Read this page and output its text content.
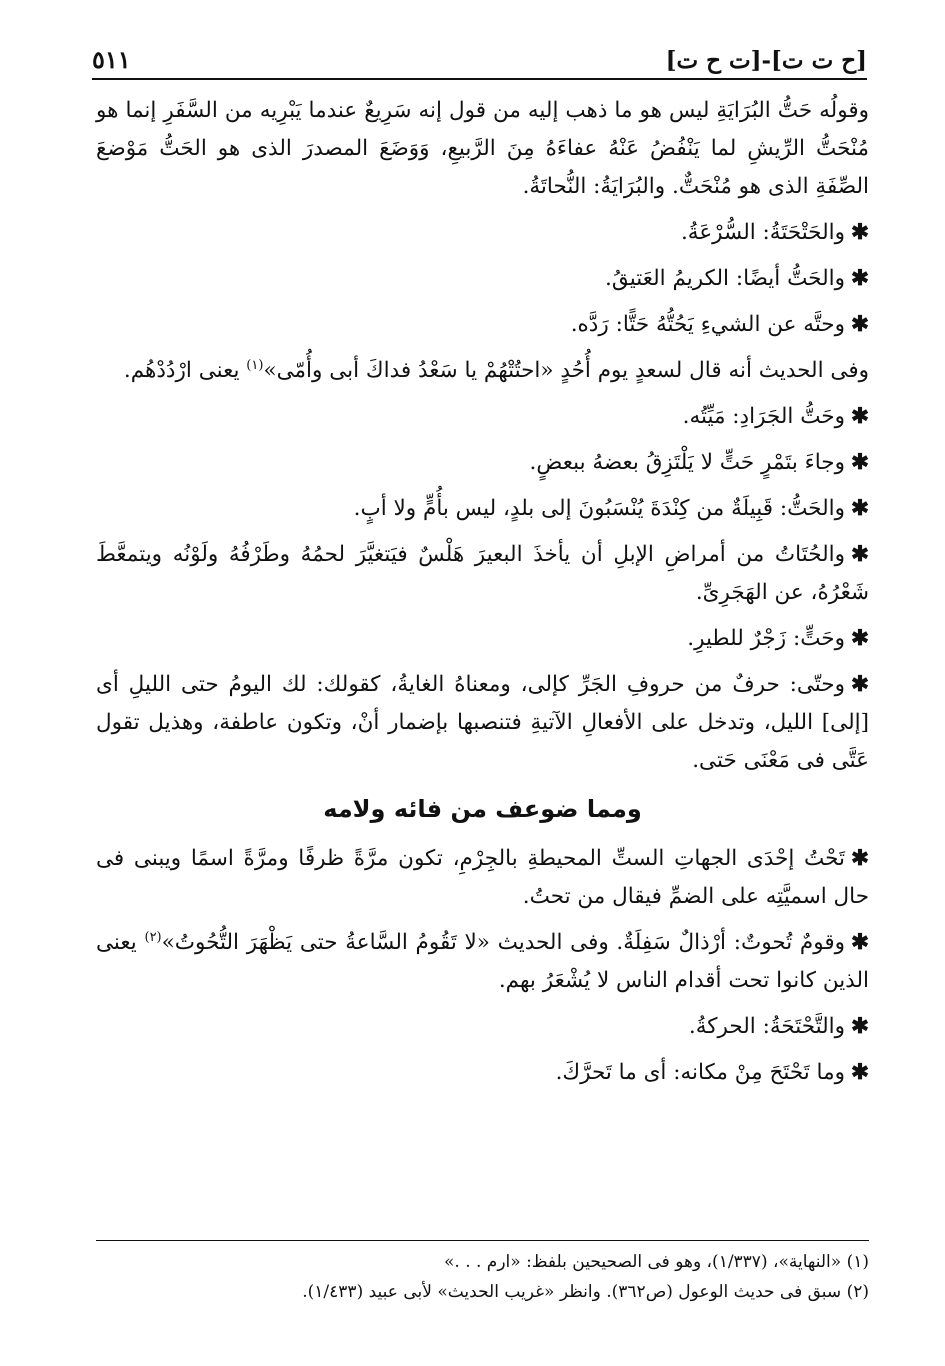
[ح ت ت]-[ت ح ت]
٥١١

وقولُه حَتُّ البُرَايَةِ ليس هو ما ذهب إليه من قول إنه سَرِيعٌ عندما يَبْرِيه من السَّفَرِ إنما هو مُنْحَتُّ الرِّيشِ لما يَنْفُضُ عَنْهُ عفاءَهُ مِنَ الرَّبيعِ، وَوَضَعَ المصدرَ الذى هو الحَتُّ مَوْضعَ الصِّفَةِ الذى هو مُنْحَتٌّ. والبُرَايَةُ: النُّحاتَةُ.

✱والحَتْحَتَةُ: السُّرْعَةُ.

✱والحَتُّ أيضًا: الكريمُ العَتيقُ.

✱وحتَّه عن الشيءِ يَحُتُّهُ حَتًّا: رَدَّه.

وفى الحديث أنه قال لسعدٍ يوم أُحُدٍ «احتُتْهُمْ يا سَعْدُ فداكَ أبى وأُمّى»$^{(١)}$ يعنى ارْدُدْهُم.

✱وحَتُّ الجَرَادِ: مَيِّتُه.

✱وجاءَ بتَمْرٍ حَتٍّ لا يَلْتَزِقُ بعضهُ ببعضٍ.

✱والحَتُّ: قَبِيلَةٌ من كِنْدَةَ يُنْسَبُونَ إلى بلدٍ، ليس بأُمٍّ ولا أبٍ.

✱والحُتَاتُ من أمراضِ الإبلِ أن يأخذَ البعيرَ هَلْسٌ فيَتغيَّرَ لحمُهُ وطَرْفُهُ ولَوْنُه ويتمعَّطَ شَعْرُهُ، عن الهَجَرِىِّ.

✱وحَتٍّ: زَجْرٌ للطيرِ.

✱وحتّى: حرفٌ من حروفِ الجَرِّ كإلى، ومعناهُ الغايةُ، كقولك: لك اليومُ حتى الليلِ أى [إلى] الليل، وتدخل على الأفعالِ الآتيةِ فتنصبها بإضمار أنْ، وتكون عاطفة، وهذيل تقول عَتَّى فى مَعْنَى حَتى.

ومما ضوعف من فائه ولامه

✱تَحْتُ إحْدَى الجهاتِ الستِّ المحيطةِ بالجِرْمِ، تكون مرَّةً ظرفًا ومرَّةً اسمًا ويبنى فى حال اسميَّتِه على الضمِّ فيقال من تحتُ.

✱وقومٌ تُحوتٌ: أرْذالٌ سَفِلَةٌ. وفى الحديث «لا تَقُومُ السَّاعةُ حتى يَظْهَرَ التُّحُوتُ»$^{(٢)}$ يعنى الذين كانوا تحت أقدام الناس لا يُشْعَرُ بهم.

✱والتَّحْتَحَةُ: الحركةُ.

✱وما تَحْتَحَ مِنْ مكانه: أى ما تَحرَّكَ.

(١) «النهاية»، (١/٣٣٧)، وهو فى الصحيحين بلفظ: «ارم . . .»

(٢) سبق فى حديث الوعول (ص٣٦٢). وانظر «غريب الحديث» لأبى عبيد (١/٤٣٣).
